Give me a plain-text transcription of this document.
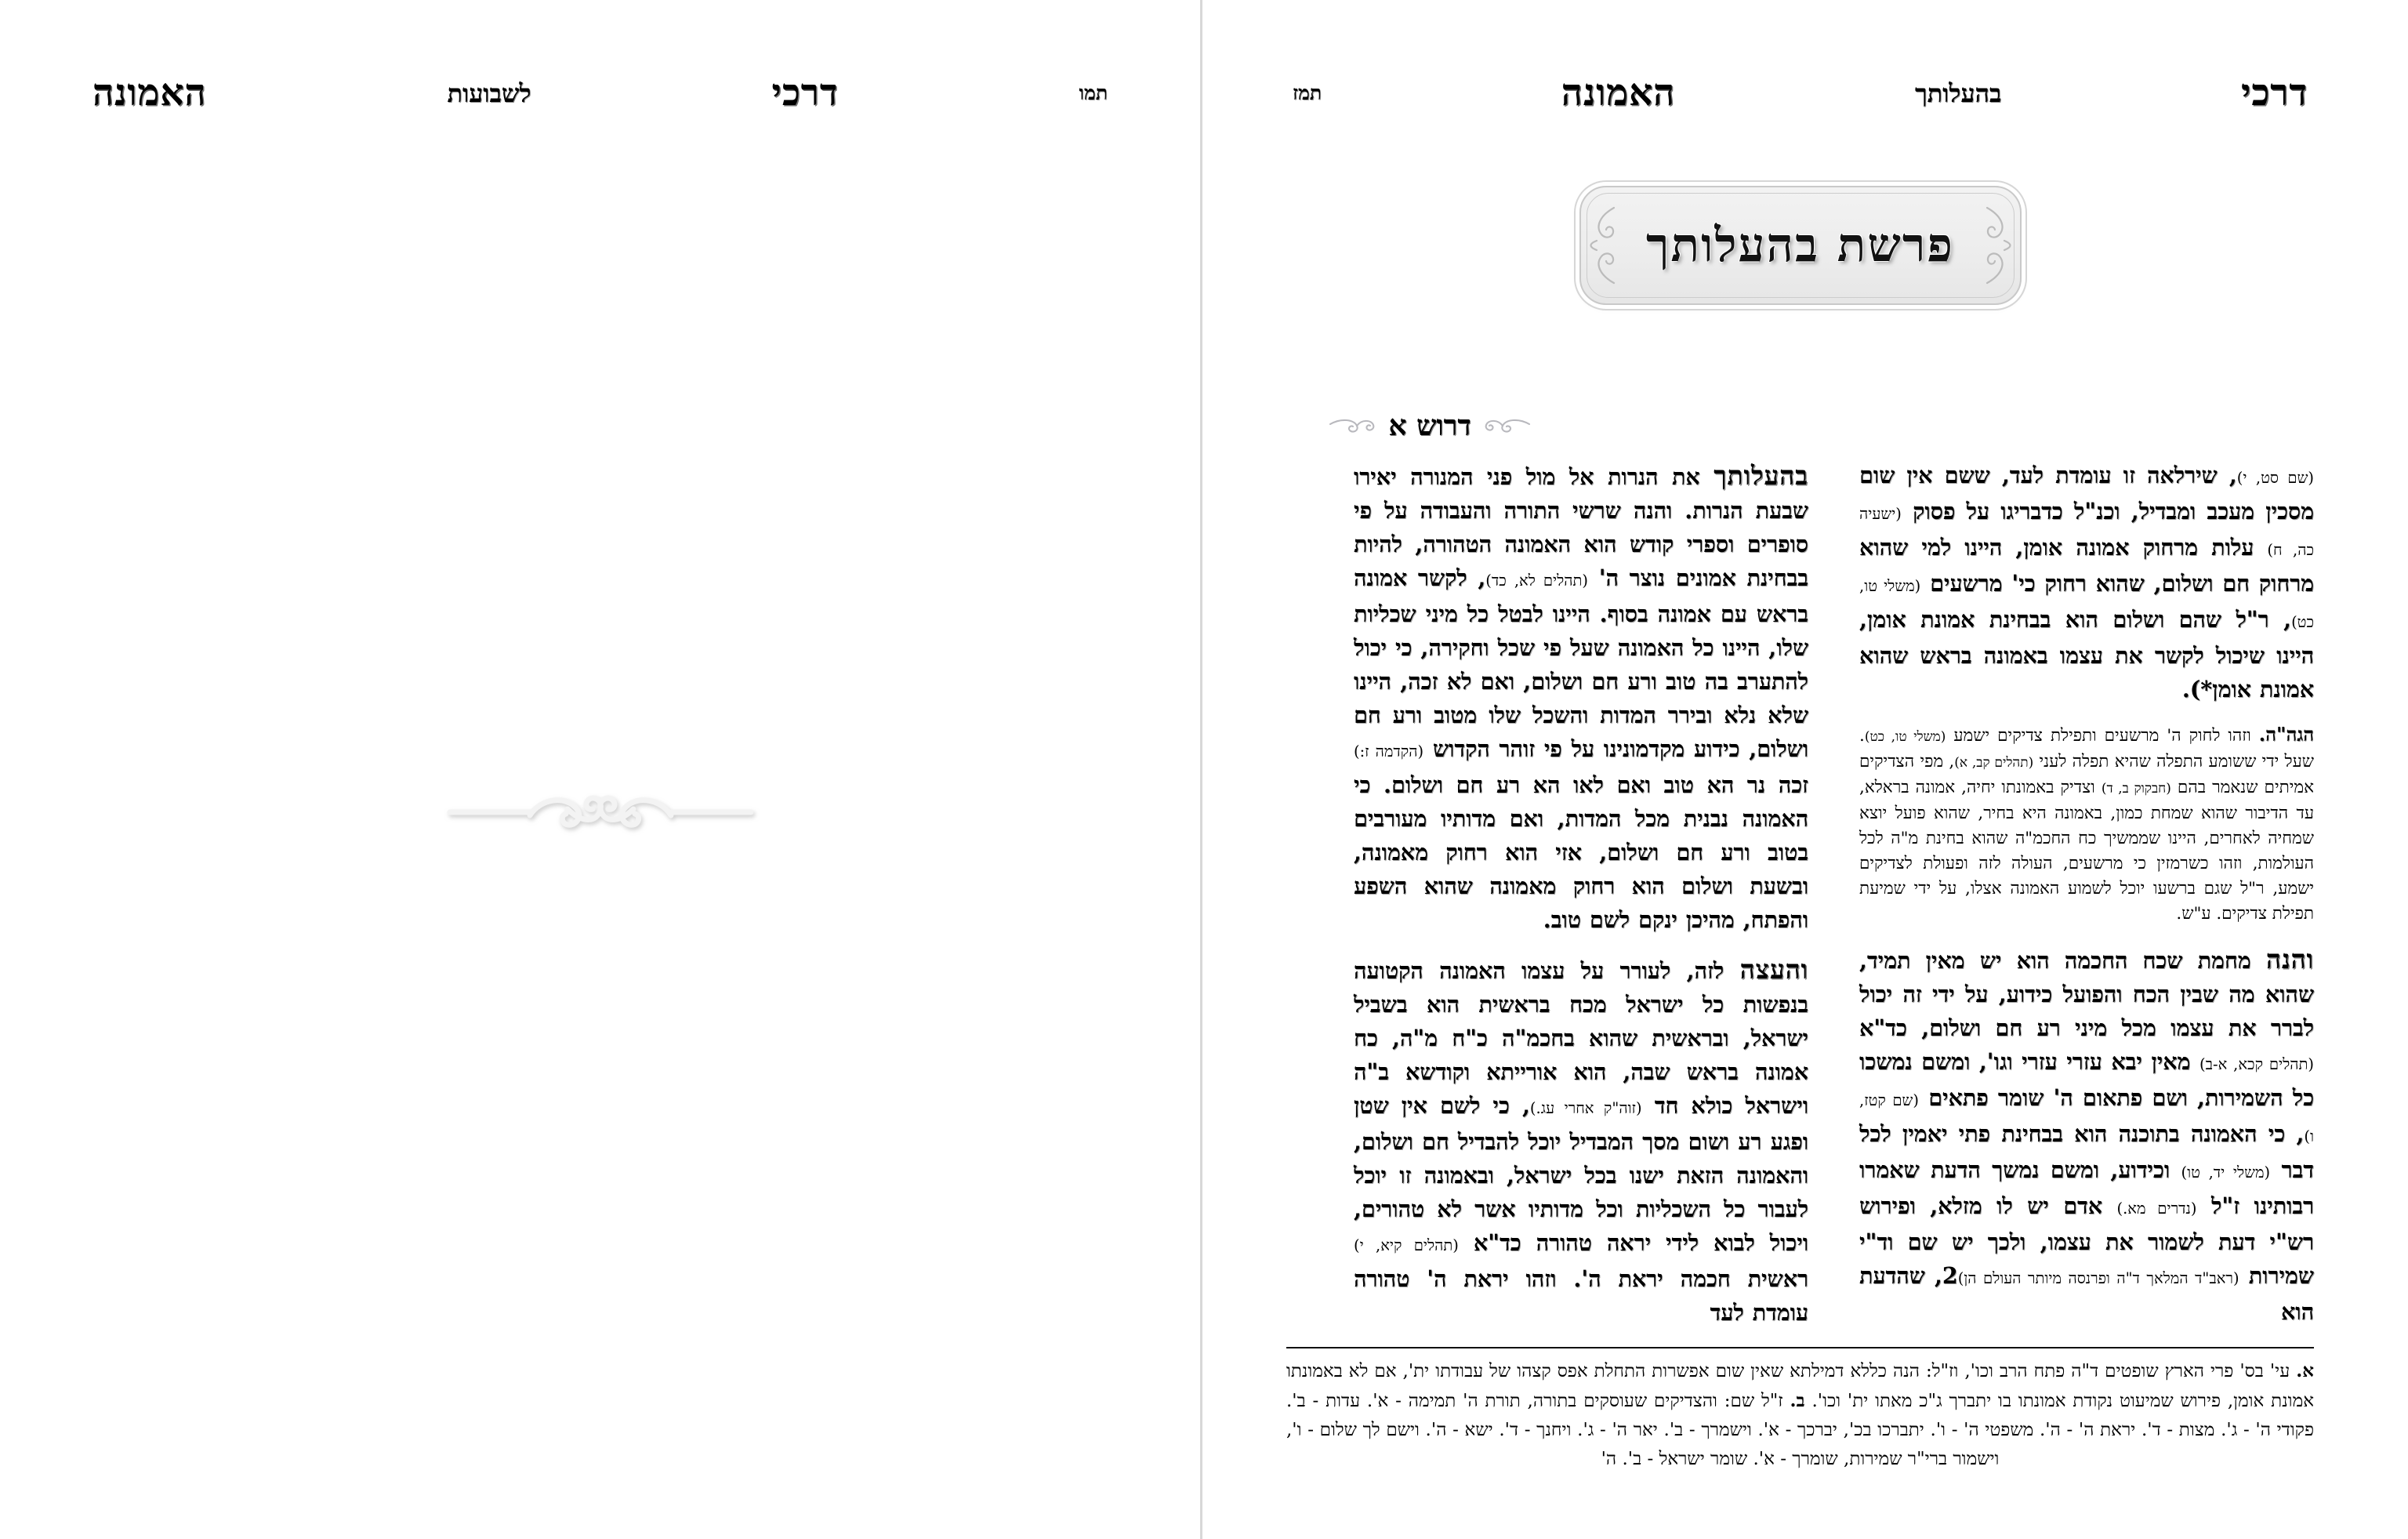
תמו
דרכי
לשבועות
האמונה	דרכי
בהעלותך
האמונה
תמז
פרשת בהעלותך
דרוש א

בהעלותך את הנרות אל מול פני המנורה יאירו שבעת הנרות. והנה שרשי התורה והעבודה על פי סופרים וספרי קודש הוא האמונה הטהורה, להיות בבחינת אמונים נוצר ה' (תהלים לא, כד), לקשר אמונה בראש עם אמונה בסוף. היינו לבטל כל מיני שכליות שלו, היינו כל האמונה שעל פי שכל וחקירה, כי יכול להתערב בה טוב ורע חם ושלום, ואם לא זכה, היינו שלא נלא ובירר המדות והשכל שלו מטוב ורע חם ושלום, כידוע מקדמונינו על פי זוהר הקדוש (הקדמה ז:) זכה נר הא טוב ואם לאו הא רע חם ושלום. כי האמונה נבנית מכל המדות, ואם מדותיו מעורבים בטוב ורע חם ושלום, אזי הוא רחוק מאמונה, ובשעת ושלום הוא רחוק מאמונה שהוא השפע והפתח, מהיכן ינקם לשם טוב.

והעצה לזה, לעורר על עצמו האמונה הקטועה בנפשות כל ישראל מכח בראשית הוא בשביל ישראל, ובראשית שהוא בחכמ"ה כ"ח מ"ה, כח אמונה בראש שבה, הוא אורייתא וקודשא ב"ה וישראל כולא חד (זוה"ק אחרי עג.), כי לשם אין שטן ופגע רע ושום מסך המבדיל יוכל להבדיל חם ושלום, והאמונה הזאת ישנו בכל ישראל, ובאמונה זו יוכל לעבור כל השכליות וכל מדותיו אשר לא טהורים, ויכול לבוא לידי יראה טהורה כד"א (תהלים קיא, י) ראשית חכמה יראת ה'. וזהו יראת ה' טהורה עומדת לעד

(שם סט, י), שירלאה זו עומדת לעד, ששם אין שום מסכין מעכב ומבדיל, וכנ"ל כדבריגו על פסוק (ישעיה כה, ח) עלות מרחוק אמונה אומן, היינו למי שהוא מרחוק חם ושלום, שהוא רחוק כי' מרשעים (משלי טו, כט), ר"ל שהם ושלום הוא בבחינת אמונת אומן, היינו שיכול לקשר את עצמו באמונה בראש שהוא אמונת אומן*).

הגה"ה. וזהו לחוק ה' מרשעים ותפילת צדיקים ישמע (משלי טו, כט). שעל ידי ששומע התפלה שהיא תפלה לעני (תהלים קב, א), מפי הצדיקים אמיתים שנאמר בהם (חבקוק ב, ד) וצדיק באמונתו יחיה, אמונה בראלא, עד הדיבור שהוא שמחת כמון, באמונה היא בחיר, שהוא פועל יוצא שמחיה לאחרים, היינו שממשיך כח החכמ"ה שהוא בחינת מ"ה לכל העולמות, וזהו כשרמזין כי מרשעים, העולה לזה ופעולת לצדיקים ישמע, ר"ל שגם ברשעו יוכל לשמוע האמונה אצלו, על ידי שמיעת תפילת צדיקים. ע"ש.

והנה מחמת שכח החכמה הוא יש מאין תמיד, שהוא מה שבין הכח והפועל כידוע, על ידי זה יכול לברר את עצמו מכל מיני רע חם ושלום, כד"א (תהלים קכא, א-ב) מאין יבא עזרי עזרי וגו', ומשם נמשכו כל השמירות, ושם פתאום ה' שומר פתאים (שם קטז, ו), כי האמונה בתוכנה הוא בבחינת פתי יאמין לכל דבר (משלי יד, טו) וכידוע, ומשם נמשך הדעת שאמרו רבותינו ז"ל (נדרים מא.) אדם יש לו מזלא, ופירוש רש"י דעת לשמור את עצמו, ולכך יש שם וד"י שמירות (ראב"ד המלאך ד"ה ופרנסה מיותר העולם הן)2, שהדעת הוא

א. עי' בס' פרי הארץ שופטים ד"ה פתח הרב וכו', וז"ל: הנה כללא דמילתא שאין שום אפשרות התחלת אפס קצהו של עבודתו ית', אם לא באמונתו אמונת אומן, פירוש שמיעוט נקודת אמונתו בו יתברך ג"כ מאתו ית' וכו'. ב. ז"ל שם: והצדיקים שעוסקים בתורה, תורת ה' תמימה - א'. עדות - ב'. פקודי ה' - ג'. מצות - ד'. יראת ה' - ה'. משפטי ה' - ו'. יתברכו בכ', יברכך - א'. וישמרך - ב'. יאר ה' - ג'. ויחנך - ד'. ישא - ה'. וישם לך שלום - ו', וישמור ברי"ר שמירות, שומרך - א'. שומר ישראל - ב'. ה'
